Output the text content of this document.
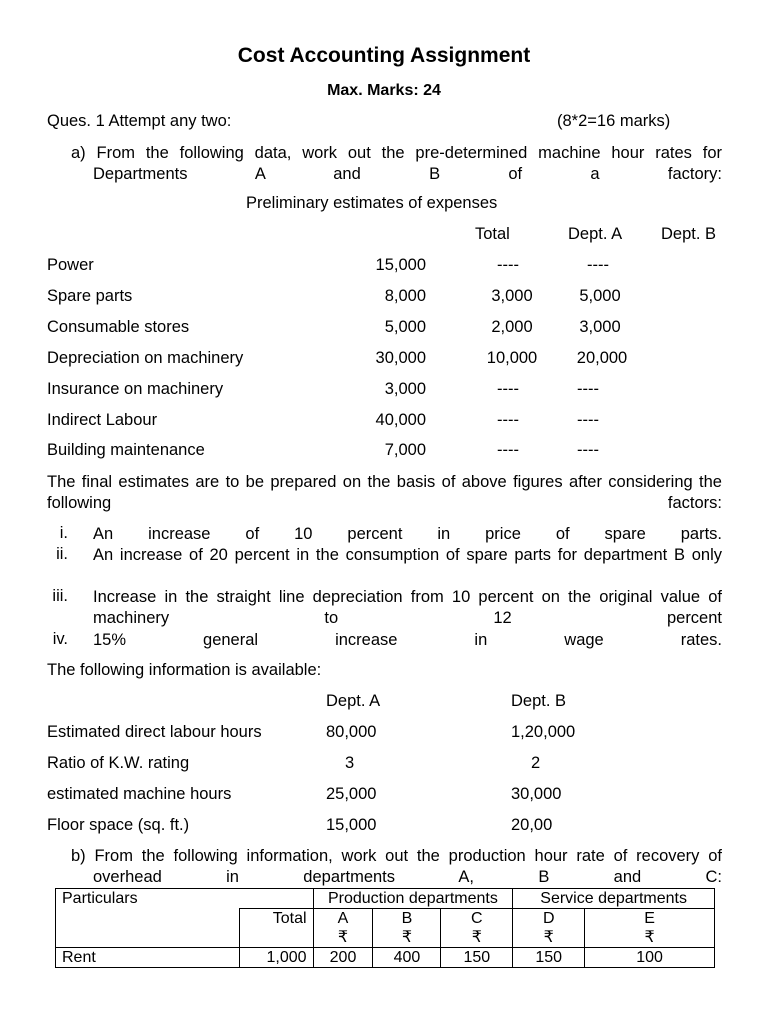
Cost Accounting Assignment
Max. Marks: 24
Ques. 1 Attempt any two:	(8*2=16 marks)
a) From the following data, work out the pre-determined machine hour rates for Departments A and B of a factory:
Preliminary estimates of expenses
Total	Dept. A Dept. B
Power	15,000	----	----
Spare parts	8,000	3,000	5,000
Consumable stores	5,000	2,000	3,000
Depreciation on machinery	30,000	10,000	20,000
Insurance on machinery	3,000	----	----
Indirect Labour	40,000	----	----
Building maintenance	7,000	----	----
The final estimates are to be prepared on the basis of above figures after considering the following factors:
i. An increase of 10 percent in price of spare parts.
ii. An increase of 20 percent in the consumption of spare parts for department B only
iii. Increase in the straight line depreciation from 10 percent on the original value of machinery to 12 percent
iv. 15% general increase in wage rates.
The following information is available:
Dept. A	Dept. B
Estimated direct labour hours	80,000	1,20,000
Ratio of K.W. rating	3	2
estimated machine hours	25,000	30,000
Floor space (sq. ft.)	15,000	20,00
b) From the following information, work out the production hour rate of recovery of overhead in departments A, B and C:
Particulars		Production departments			Service departments	
	Total	A	B	C	D	E
		₹	₹	₹	₹	₹
Rent	1,000	200	400	150	150	100
